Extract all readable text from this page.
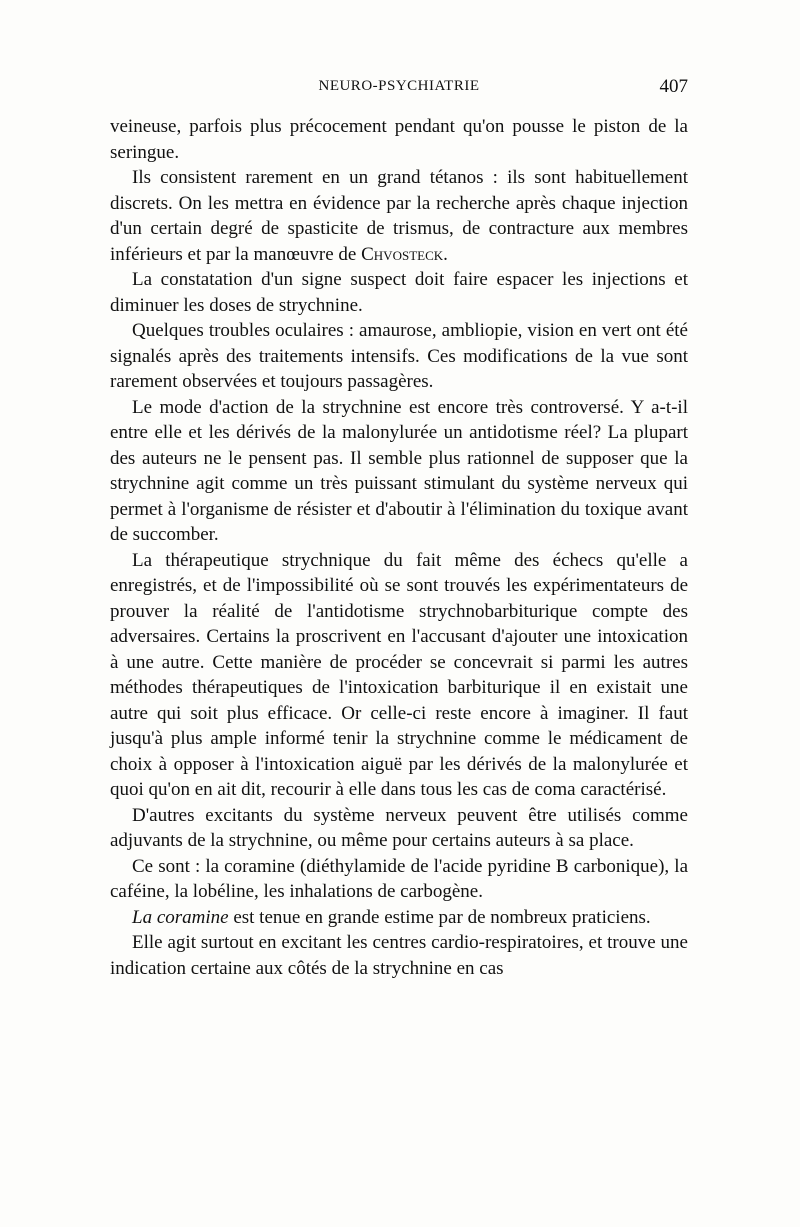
NEURO-PSYCHIATRIE	407

veineuse, parfois plus précocement pendant qu'on pousse le piston de la seringue.

Ils consistent rarement en un grand tétanos : ils sont habituellement discrets. On les mettra en évidence par la recherche après chaque injection d'un certain degré de spasticite de trismus, de contracture aux membres inférieurs et par la manœuvre de Chvosteck.

La constatation d'un signe suspect doit faire espacer les injections et diminuer les doses de strychnine.

Quelques troubles oculaires : amaurose, ambliopie, vision en vert ont été signalés après des traitements intensifs. Ces modifications de la vue sont rarement observées et toujours passagères.

Le mode d'action de la strychnine est encore très controversé. Y a-t-il entre elle et les dérivés de la malonylurée un antidotisme réel? La plupart des auteurs ne le pensent pas. Il semble plus rationnel de supposer que la strychnine agit comme un très puissant stimulant du système nerveux qui permet à l'organisme de résister et d'aboutir à l'élimination du toxique avant de succomber.

La thérapeutique strychnique du fait même des échecs qu'elle a enregistrés, et de l'impossibilité où se sont trouvés les expérimentateurs de prouver la réalité de l'antidotisme strychnobarbiturique compte des adversaires. Certains la proscrivent en l'accusant d'ajouter une intoxication à une autre. Cette manière de procéder se concevrait si parmi les autres méthodes thérapeutiques de l'intoxication barbiturique il en existait une autre qui soit plus efficace. Or celle-ci reste encore à imaginer. Il faut jusqu'à plus ample informé tenir la strychnine comme le médicament de choix à opposer à l'intoxication aiguë par les dérivés de la malonylurée et quoi qu'on en ait dit, recourir à elle dans tous les cas de coma caractérisé.

D'autres excitants du système nerveux peuvent être utilisés comme adjuvants de la strychnine, ou même pour certains auteurs à sa place.

Ce sont : la coramine (diéthylamide de l'acide pyridine B carbonique), la caféine, la lobéline, les inhalations de carbogène.

La coramine est tenue en grande estime par de nombreux praticiens.

Elle agit surtout en excitant les centres cardio-respiratoires, et trouve une indication certaine aux côtés de la strychnine en cas
